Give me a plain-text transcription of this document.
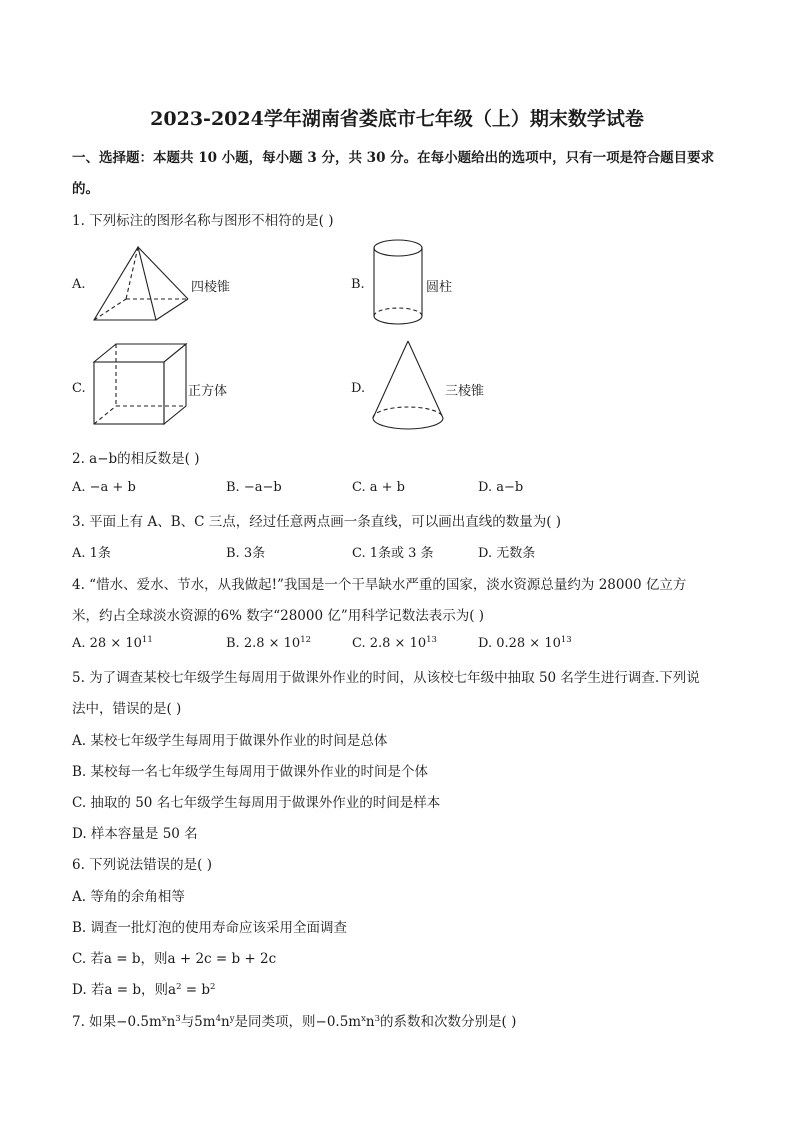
2023-2024学年湖南省娄底市七年级（上）期末数学试卷
一、选择题：本题共 10 小题，每小题 3 分，共 30 分。在每小题给出的选项中，只有一项是符合题目要求
的。
1. 下列标注的图形名称与图形不相符的是( )
A.	四棱锥	B.	圆柱
C.	正方体	D.	三棱锥
2. a−b的相反数是( )
A. −a + b	B. −a−b	C. a + b	D. a−b
3. 平面上有 A、B、C 三点，经过任意两点画一条直线，可以画出直线的数量为( )
A. 1条	B. 3条	C. 1条或 3 条	D. 无数条
4. “惜水、爱水、节水，从我做起!”我国是一个干旱缺水严重的国家，淡水资源总量约为 28000 亿立方
米，约占全球淡水资源的6% 数字“28000 亿”用科学记数法表示为( )
A. $28 \times 10^{11}$	B. $2.8 \times 10^{12}$	C. $2.8 \times 10^{13}$	D. $0.28 \times 10^{13}$
5. 为了调查某校七年级学生每周用于做课外作业的时间，从该校七年级中抽取 50 名学生进行调查.下列说
法中，错误的是( )
A. 某校七年级学生每周用于做课外作业的时间是总体
B. 某校每一名七年级学生每周用于做课外作业的时间是个体
C. 抽取的 50 名七年级学生每周用于做课外作业的时间是样本
D. 样本容量是 50 名
6. 下列说法错误的是( )
A. 等角的余角相等
B. 调查一批灯泡的使用寿命应该采用全面调查
C. 若a = b，则a + 2c = b + 2c
D. 若a = b，则$a^2 = b^2$
7. 如果$-0.5m^xn^3$与$5m^4n^y$是同类项，则$-0.5m^xn^3$的系数和次数分别是( )
